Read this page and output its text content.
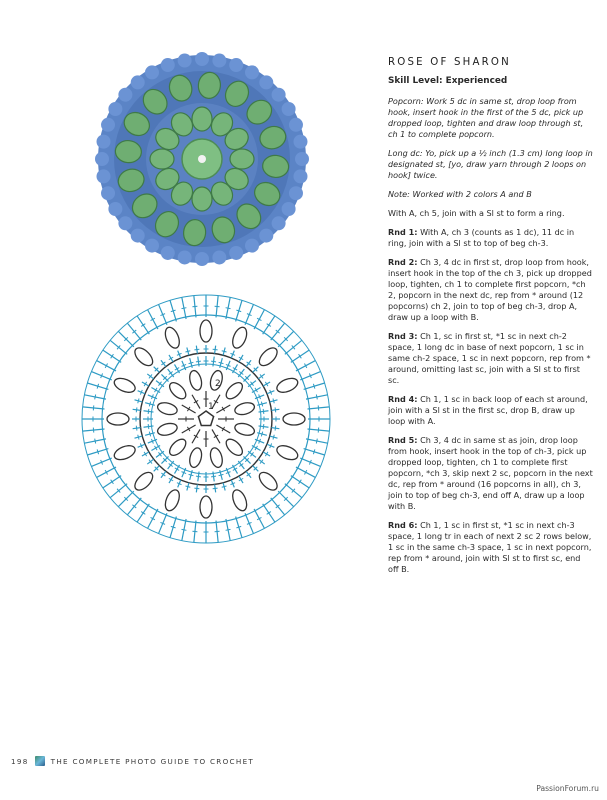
2
1
ROSE OF SHARON

Skill Level: Experienced

Popcorn: Work 5 dc in same st, drop loop from hook, insert hook in the first of the 5 dc, pick up dropped loop, tighten and draw loop through st, ch 1 to complete popcorn.

Long dc: Yo, pick up a ½ inch (1.3 cm) long loop in designated st, [yo, draw yarn through 2 loops on hook] twice.

Note: Worked with 2 colors A and B

With A, ch 5, join with a Sl st to form a ring.

Rnd 1: With A, ch 3 (counts as 1 dc), 11 dc in ring, join with a Sl st to top of beg ch-3.

Rnd 2: Ch 3, 4 dc in first st, drop loop from hook, insert hook in the top of the ch 3, pick up dropped loop, tighten, ch 1 to complete first popcorn, *ch 2, popcorn in the next dc, rep from * around (12 popcorns) ch 2, join to top of beg ch-3, drop A, draw up a loop with B.

Rnd 3: Ch 1, sc in first st, *1 sc in next ch-2 space, 1 long dc in base of next popcorn, 1 sc in same ch-2 space, 1 sc in next popcorn, rep from * around, omitting last sc, join with a Sl st to first sc.

Rnd 4: Ch 1, 1 sc in back loop of each st around, join with a Sl st in the first sc, drop B, draw up loop with A.

Rnd 5: Ch 3, 4 dc in same st as join, drop loop from hook, insert hook in the top of ch-3, pick up dropped loop, tighten, ch 1 to complete first popcorn, *ch 3, skip next 2 sc, popcorn in the next dc, rep from * around (16 popcorns in all), ch 3, join to top of beg ch-3, end off A, draw up a loop with B.

Rnd 6: Ch 1, 1 sc in first st, *1 sc in next ch-3 space, 1 long tr in each of next 2 sc 2 rows below, 1 sc in the same ch-3 space, 1 sc in next popcorn, rep from * around, join with Sl st to first sc, end off B.

198	THE COMPLETE PHOTO GUIDE TO CROCHET
PassionForum.ru
